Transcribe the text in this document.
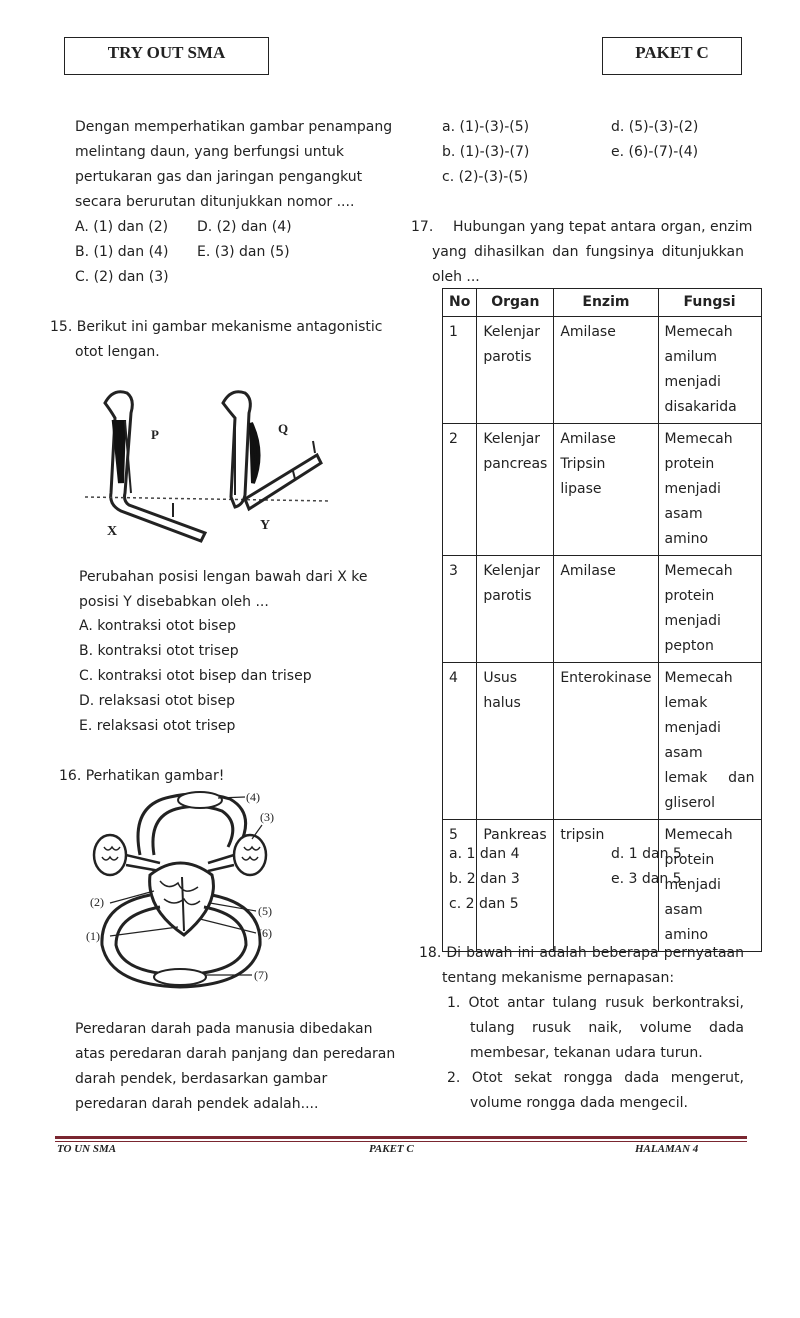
TRY OUT SMA	PAKET C
Dengan memperhatikan gambar penampang
melintang daun, yang berfungsi untuk
pertukaran gas dan jaringan pengangkut
secara berurutan ditunjukkan nomor ....
A. (1) dan (2) D. (2) dan (4)
B. (1) dan (4) E. (3) dan (5)
C. (2) dan (3)
15. Berikut ini gambar mekanisme antagonistic
otot lengan.
P	Q
X	Y
Perubahan posisi lengan bawah dari X ke
posisi Y disebabkan oleh ...
A. kontraksi otot bisep
B. kontraksi otot trisep
C. kontraksi otot bisep dan trisep
D. relaksasi otot bisep
E. relaksasi otot trisep
16. Perhatikan gambar!
(4)
(3)
(2)
(5)
(1)	(6)
(7)
Peredaran darah pada manusia dibedakan
atas peredaran darah panjang dan peredaran
darah pendek, berdasarkan gambar
peredaran darah pendek adalah....
a. (1)-(3)-(5)	d. (5)-(3)-(2)
b. (1)-(3)-(7)	e. (6)-(7)-(4)
c. (2)-(3)-(5)
17. Hubungan yang tepat antara organ, enzim
yang dihasilkan dan fungsinya ditunjukkan
oleh ...
No	Organ	Enzim	Fungsi
1	Kelenjar
parotis	Amilase	Memecah
amilum
menjadi
disakarida
2	Kelenjar
pancreas	Amilase
Tripsin
lipase	Memecah
protein
menjadi asam
amino
3	Kelenjar
parotis	Amilase	Memecah
protein
menjadi
pepton
4	Usus
halus	Enterokinase	Memecah
lemak
menjadi asam
lemak dan
gliserol
5	Pankreas	tripsin	Memecah
protein
menjadi asam
amino
a. 1 dan 4	d. 1 dan 5
b. 2 dan 3	e. 3 dan 5
c. 2 dan 5
18. Di bawah ini adalah beberapa pernyataan
tentang mekanisme pernapasan:
1. Otot antar tulang rusuk berkontraksi,
tulang rusuk naik, volume dada
membesar, tekanan udara turun.
2. Otot sekat rongga dada mengerut,
volume rongga dada mengecil.
TO UN SMA	PAKET C	HALAMAN 4
